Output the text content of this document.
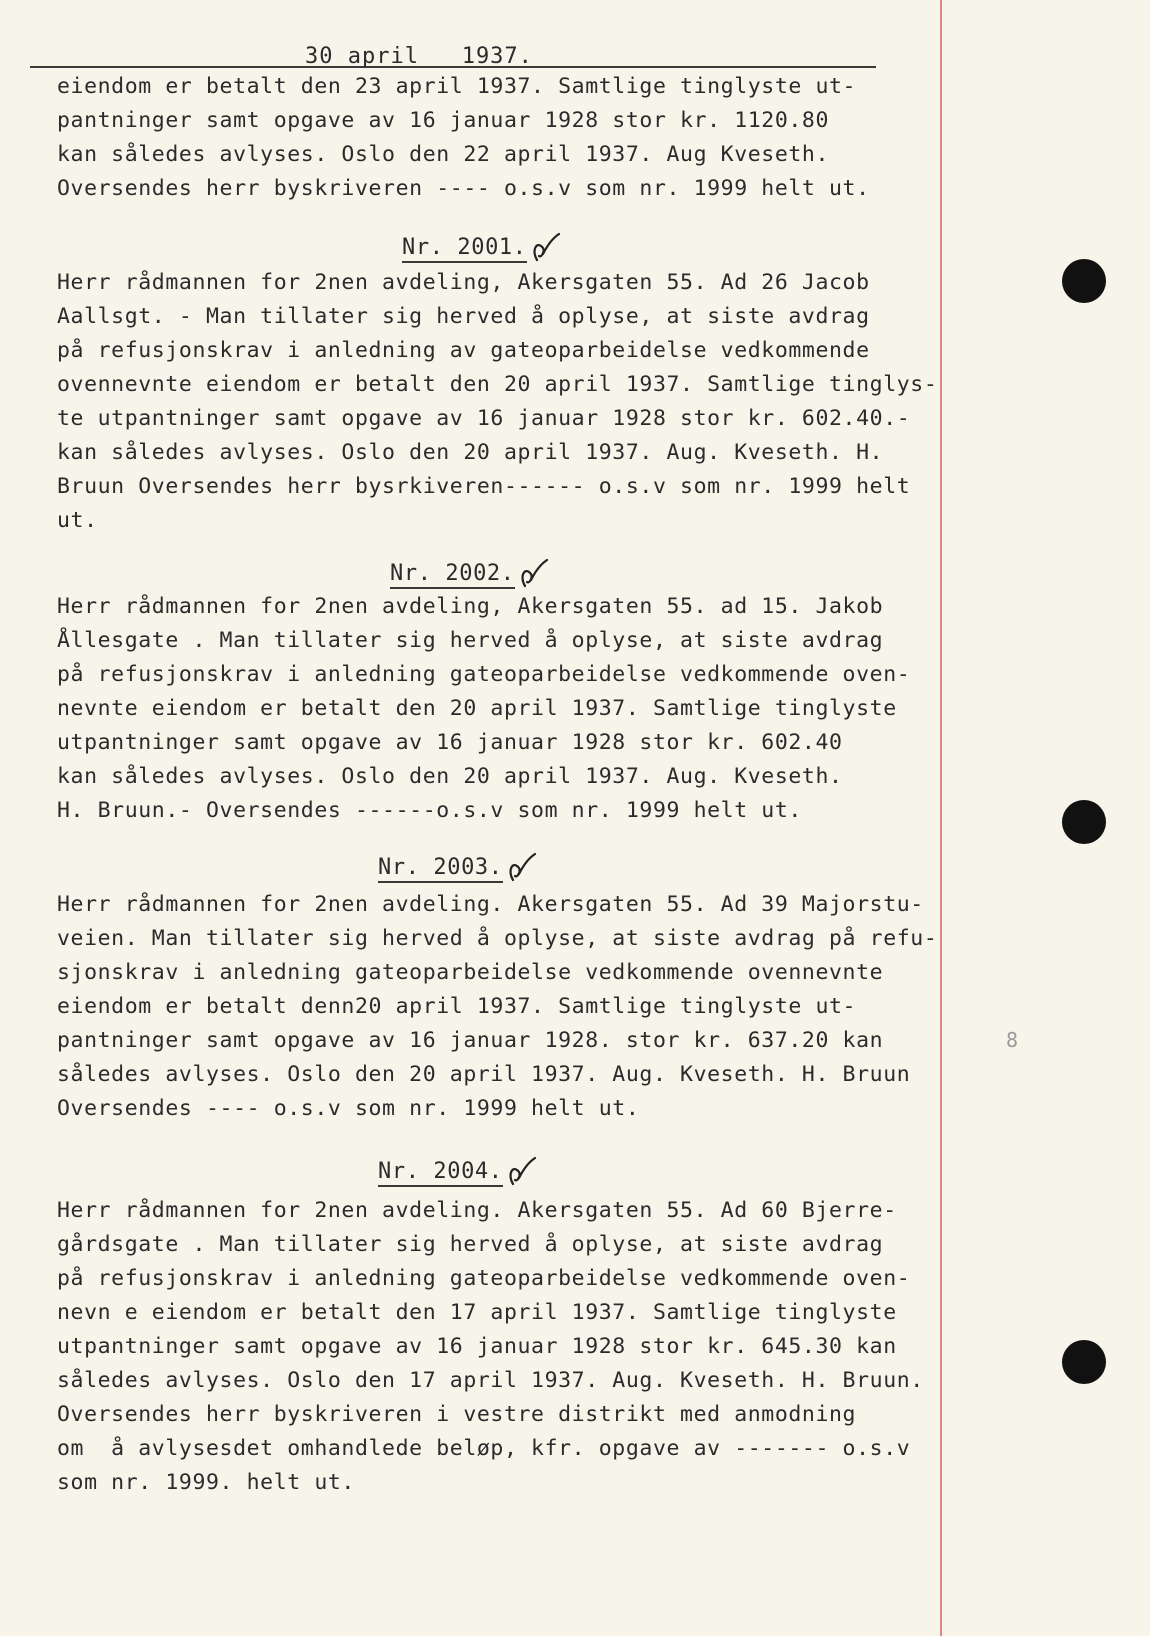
30 april   1937.
eiendom er betalt den 23 april 1937. Samtlige tinglyste ut-
pantninger samt opgave av 16 januar 1928 stor kr. 1120.80
kan således avlyses. Oslo den 22 april 1937. Aug Kveseth.
Oversendes herr byskriveren ---- o.s.v som nr. 1999 helt ut.
Nr. 2001.
Herr rådmannen for 2nen avdeling, Akersgaten 55. Ad 26 Jacob
Aallsgt. - Man tillater sig herved å oplyse, at siste avdrag
på refusjonskrav i anledning av gateoparbeidelse vedkommende
ovennevnte eiendom er betalt den 20 april 1937. Samtlige tinglys-
te utpantninger samt opgave av 16 januar 1928 stor kr. 602.40.-
kan således avlyses. Oslo den 20 april 1937. Aug. Kveseth. H.
Bruun Oversendes herr bysrkiveren------ o.s.v som nr. 1999 helt
ut.
Nr. 2002.
Herr rådmannen for 2nen avdeling, Akersgaten 55. ad 15. Jakob
Ållesgate . Man tillater sig herved å oplyse, at siste avdrag
på refusjonskrav i anledning gateoparbeidelse vedkommende oven-
nevnte eiendom er betalt den 20 april 1937. Samtlige tinglyste
utpantninger samt opgave av 16 januar 1928 stor kr. 602.40
kan således avlyses. Oslo den 20 april 1937. Aug. Kveseth.
H. Bruun.- Oversendes ------o.s.v som nr. 1999 helt ut.
Nr. 2003.
Herr rådmannen for 2nen avdeling. Akersgaten 55. Ad 39 Majorstu-
veien. Man tillater sig herved å oplyse, at siste avdrag på refu-
sjonskrav i anledning gateoparbeidelse vedkommende ovennevnte
eiendom er betalt denn20 april 1937. Samtlige tinglyste ut-
pantninger samt opgave av 16 januar 1928. stor kr. 637.20 kan
således avlyses. Oslo den 20 april 1937. Aug. Kveseth. H. Bruun
Oversendes ---- o.s.v som nr. 1999 helt ut.
Nr. 2004.
Herr rådmannen for 2nen avdeling. Akersgaten 55. Ad 60 Bjerre-
gårdsgate . Man tillater sig herved å oplyse, at siste avdrag
på refusjonskrav i anledning gateoparbeidelse vedkommende oven-
nevn e eiendom er betalt den 17 april 1937. Samtlige tinglyste
utpantninger samt opgave av 16 januar 1928 stor kr. 645.30 kan
således avlyses. Oslo den 17 april 1937. Aug. Kveseth. H. Bruun.
Oversendes herr byskriveren i vestre distrikt med anmodning
om  å avlysesdet omhandlede beløp, kfr. opgave av ------- o.s.v
som nr. 1999. helt ut.
8
